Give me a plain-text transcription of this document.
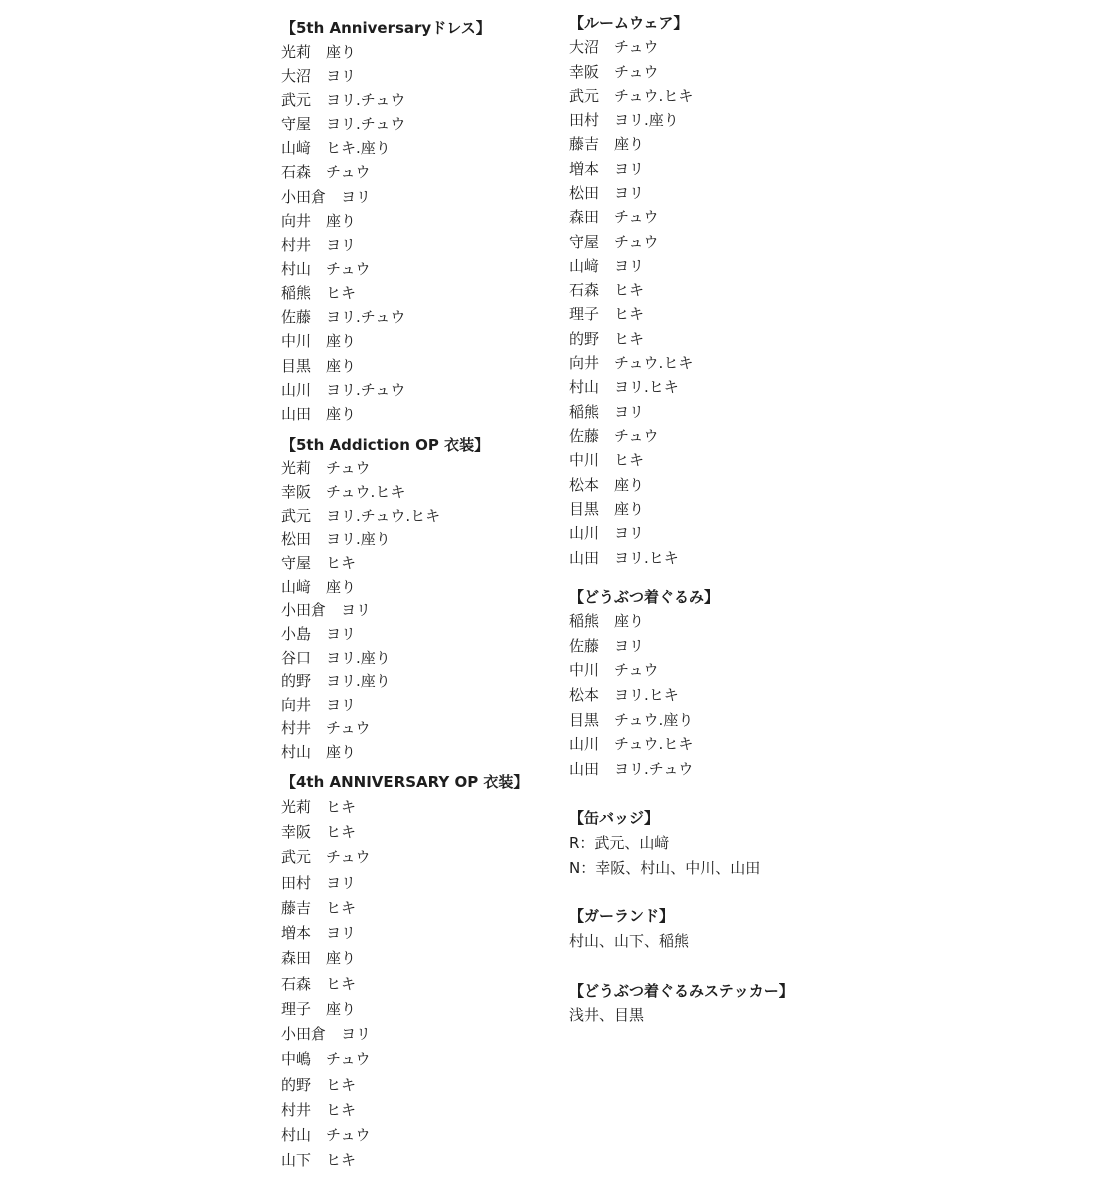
【5th Anniversaryドレス】
光莉　座り
大沼　ヨリ
武元　ヨリ.チュウ
守屋　ヨリ.チュウ
山﨑　ヒキ.座り
石森　チュウ
小田倉　ヨリ
向井　座り
村井　ヨリ
村山　チュウ
稲熊　ヒキ
佐藤　ヨリ.チュウ
中川　座り
目黒　座り
山川　ヨリ.チュウ
山田　座り
【5th Addiction OP 衣装】
光莉　チュウ
幸阪　チュウ.ヒキ
武元　ヨリ.チュウ.ヒキ
松田　ヨリ.座り
守屋　ヒキ
山﨑　座り
小田倉　ヨリ
小島　ヨリ
谷口　ヨリ.座り
的野　ヨリ.座り
向井　ヨリ
村井　チュウ
村山　座り
【4th ANNIVERSARY OP 衣装】
光莉　ヒキ
幸阪　ヒキ
武元　チュウ
田村　ヨリ
藤吉　ヒキ
増本　ヨリ
森田　座り
石森　ヒキ
理子　座り
小田倉　ヨリ
中嶋　チュウ
的野　ヒキ
村井　ヒキ
村山　チュウ
山下　ヒキ
【ルームウェア】
大沼　チュウ
幸阪　チュウ
武元　チュウ.ヒキ
田村　ヨリ.座り
藤吉　座り
増本　ヨリ
松田　ヨリ
森田　チュウ
守屋　チュウ
山﨑　ヨリ
石森　ヒキ
理子　ヒキ
的野　ヒキ
向井　チュウ.ヒキ
村山　ヨリ.ヒキ
稲熊　ヨリ
佐藤　チュウ
中川　ヒキ
松本　座り
目黒　座り
山川　ヨリ
山田　ヨリ.ヒキ
【どうぶつ着ぐるみ】
稲熊　座り
佐藤　ヨリ
中川　チュウ
松本　ヨリ.ヒキ
目黒　チュウ.座り
山川　チュウ.ヒキ
山田　ヨリ.チュウ
【缶バッジ】
R：武元、山﨑
N：幸阪、村山、中川、山田
【ガーランド】
村山、山下、稲熊
【どうぶつ着ぐるみステッカー】
浅井、目黒
